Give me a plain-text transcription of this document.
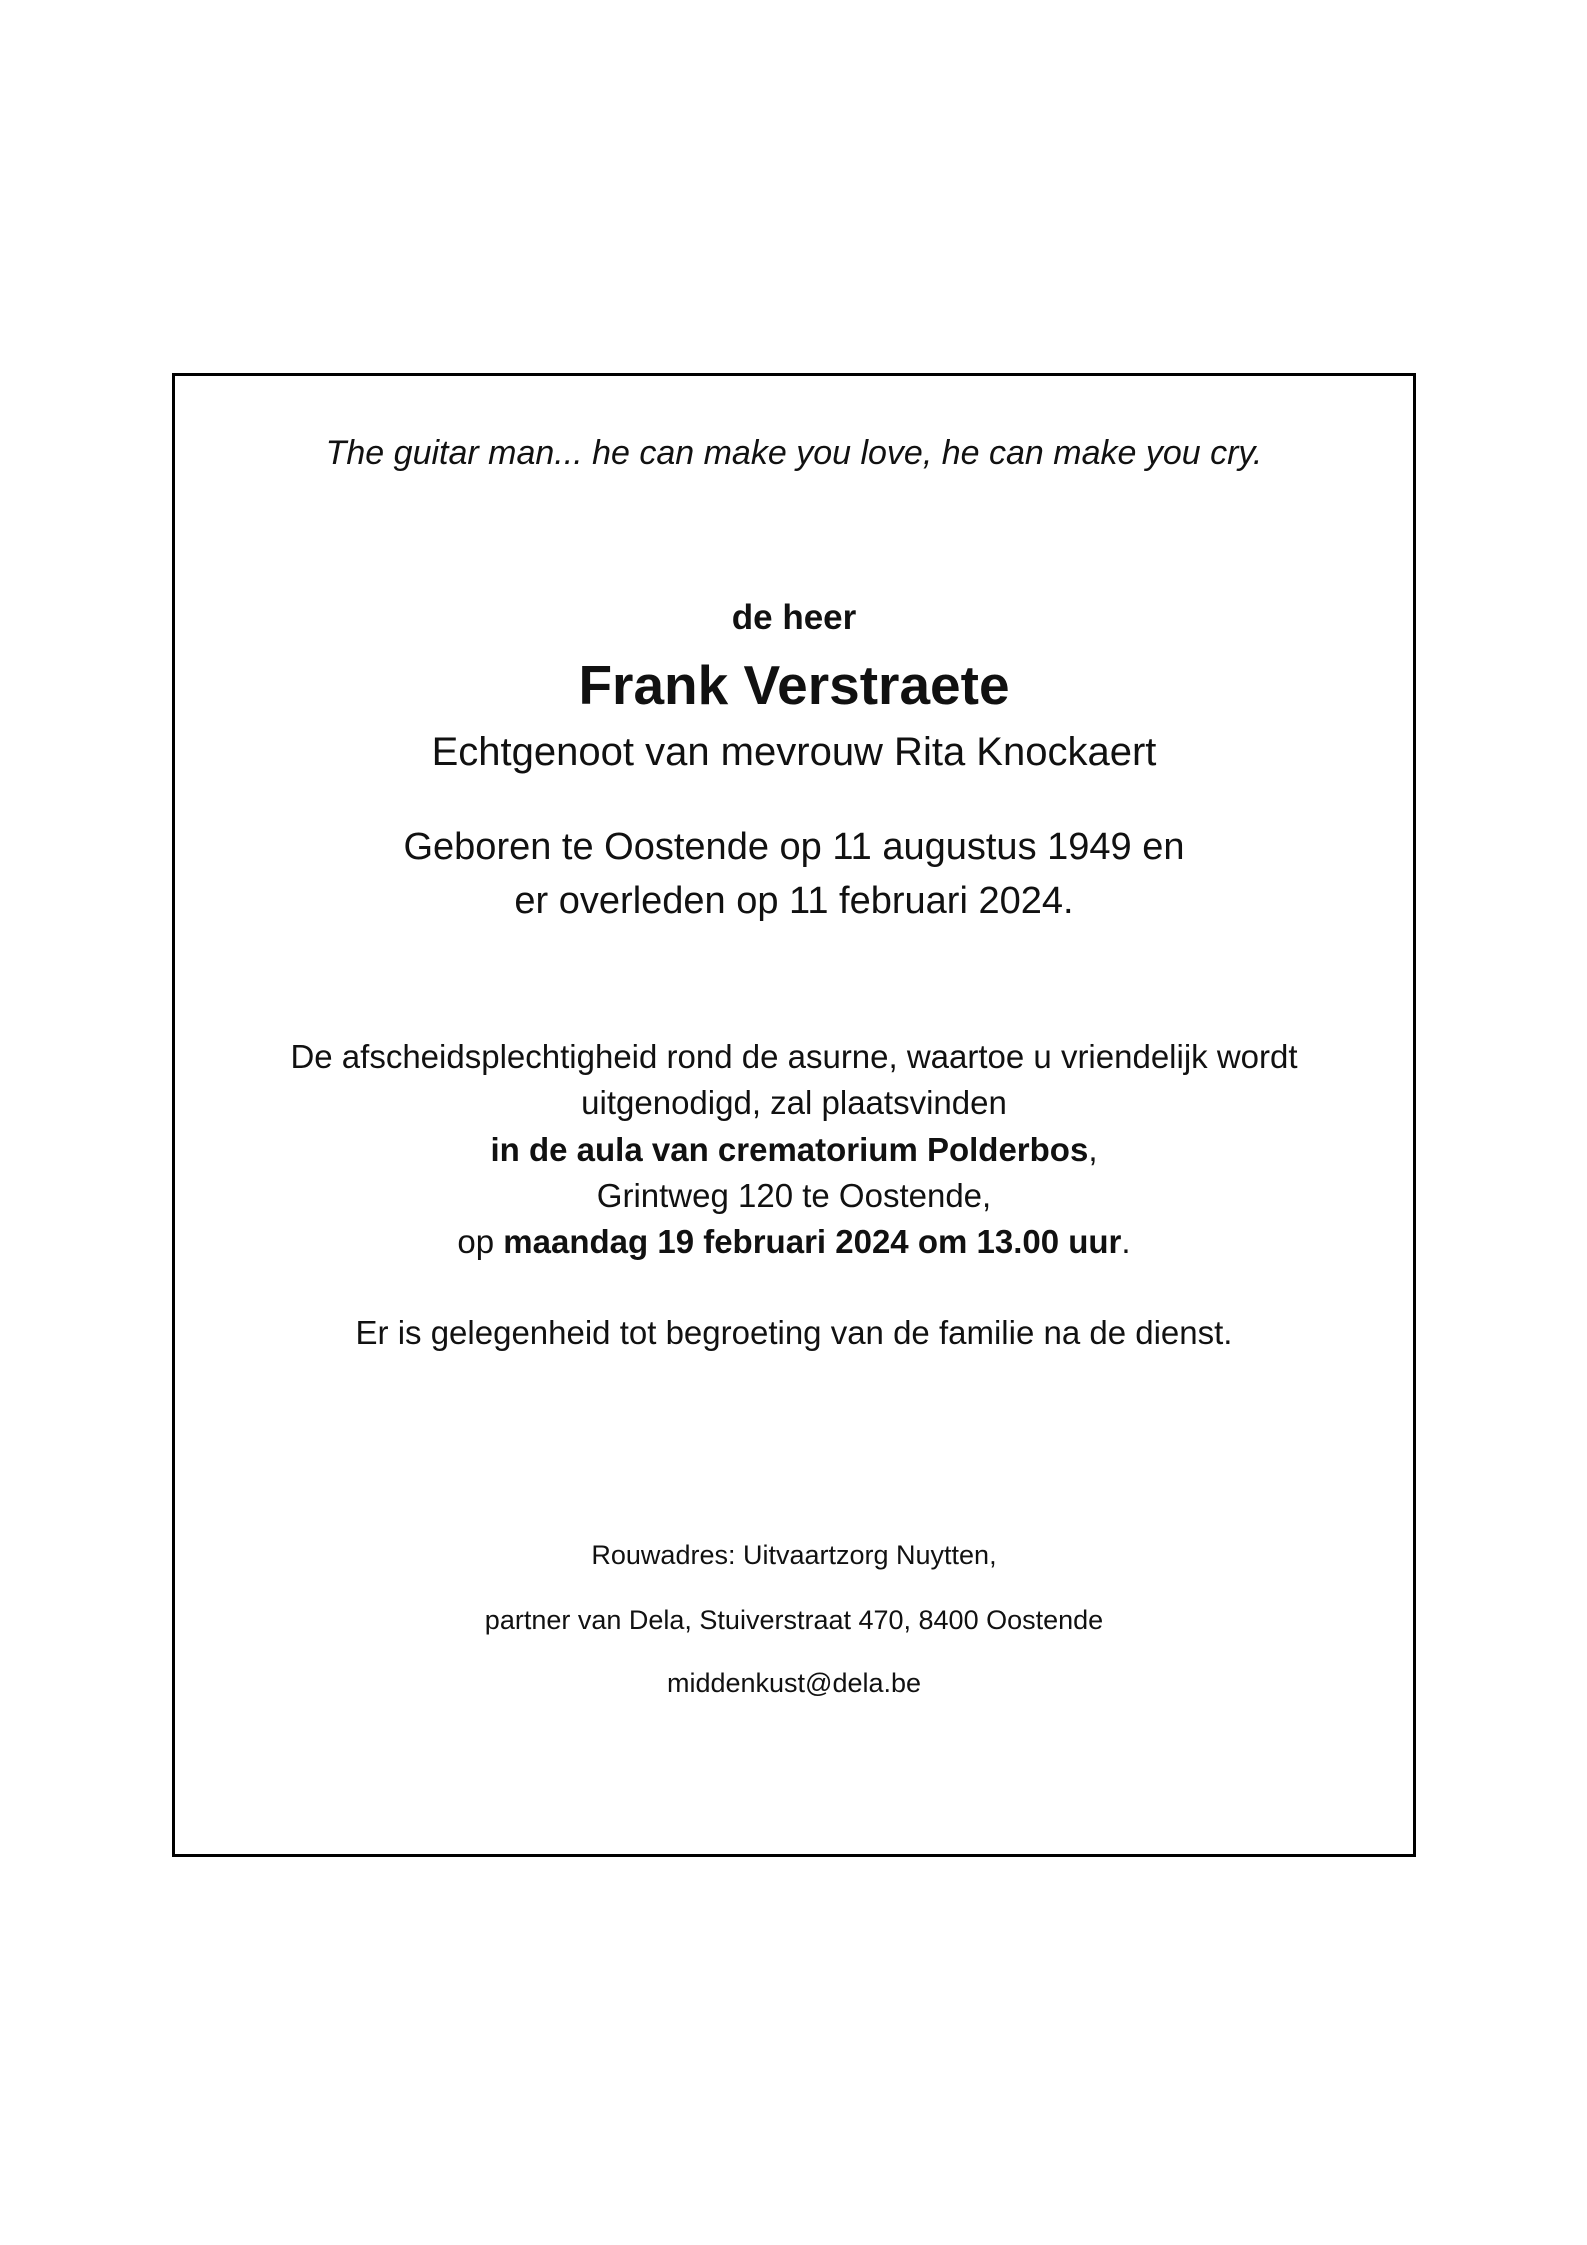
The guitar man... he can make you love, he can make you cry.
de heer
Frank Verstraete
Echtgenoot van mevrouw Rita Knockaert
Geboren te Oostende op 11 augustus 1949 en
er overleden op 11 februari 2024.
De afscheidsplechtigheid rond de asurne, waartoe u vriendelijk wordt
uitgenodigd, zal plaatsvinden
in de aula van crematorium Polderbos,
Grintweg 120 te Oostende,
op maandag 19 februari 2024 om 13.00 uur.
Er is gelegenheid tot begroeting van de familie na de dienst.
Rouwadres: Uitvaartzorg Nuytten,
partner van Dela, Stuiverstraat 470, 8400 Oostende
middenkust@dela.be
